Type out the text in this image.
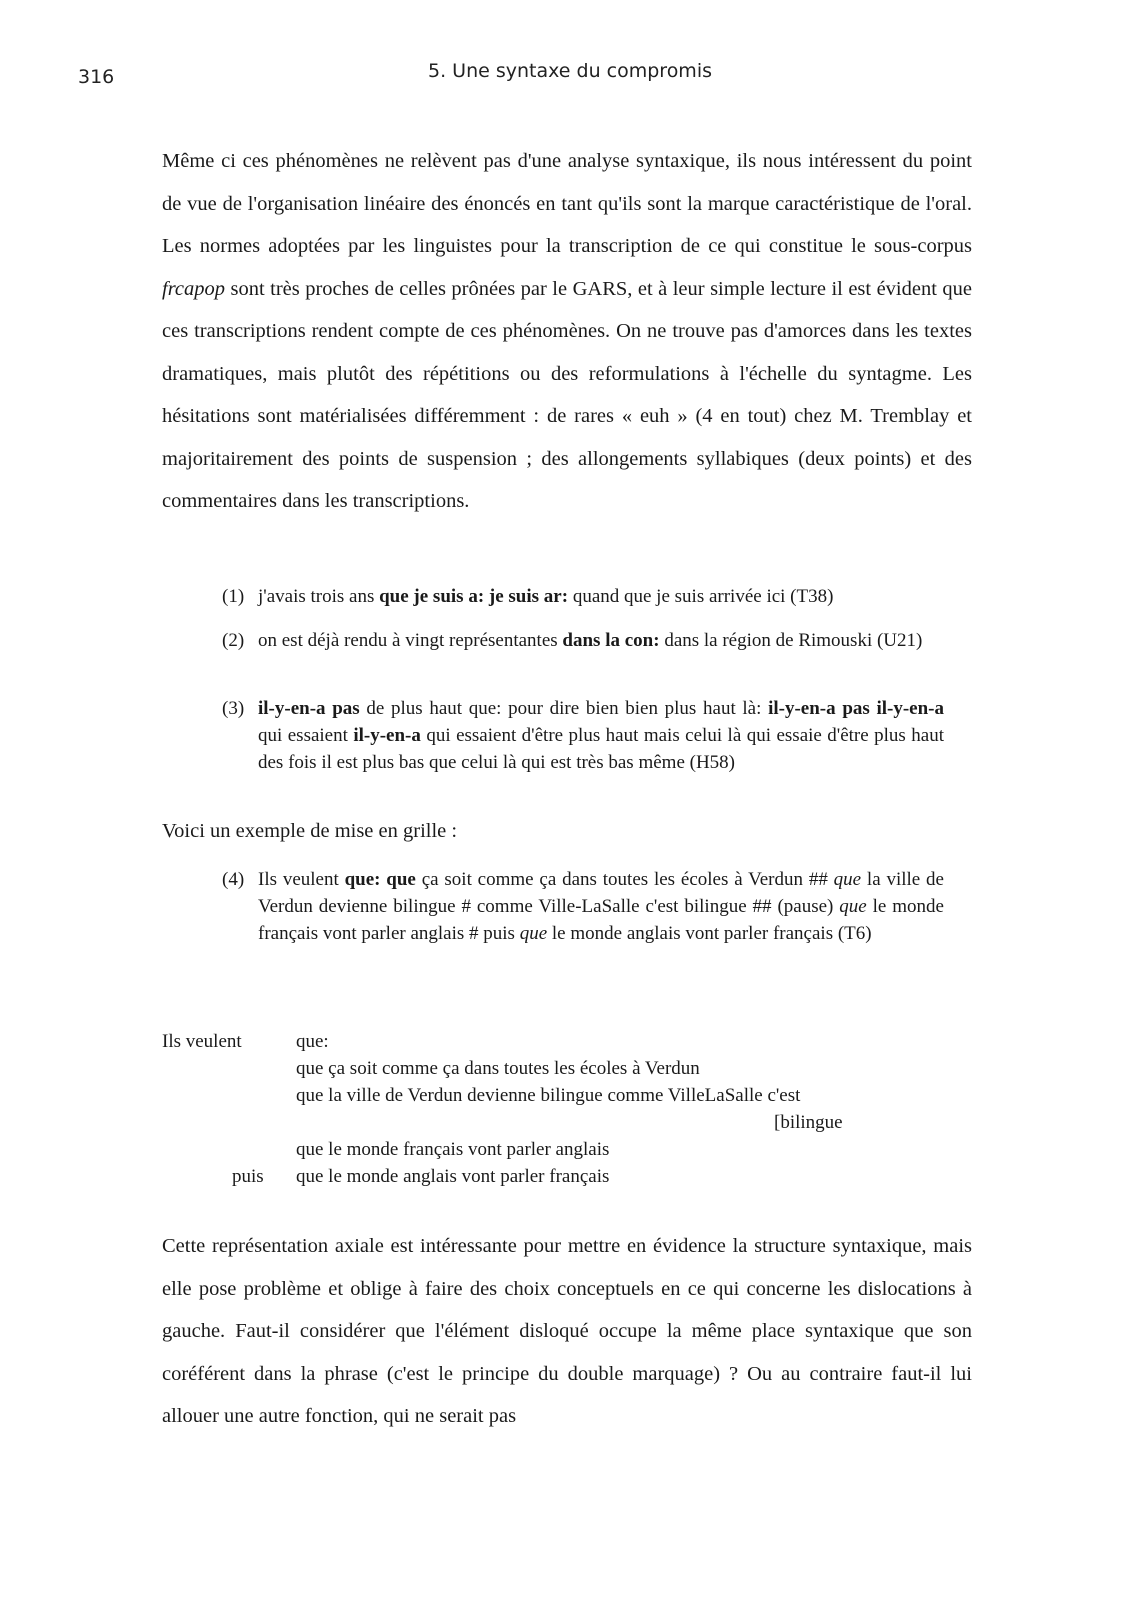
316	5. Une syntaxe du compromis

Même ci ces phénomènes ne relèvent pas d'une analyse syntaxique, ils nous intéressent du point de vue de l'organisation linéaire des énoncés en tant qu'ils sont la marque caractéristique de l'oral. Les normes adoptées par les linguistes pour la transcription de ce qui constitue le sous-corpus frcapop sont très proches de celles prônées par le GARS, et à leur simple lecture il est évident que ces transcriptions rendent compte de ces phénomènes. On ne trouve pas d'amorces dans les textes dramatiques, mais plutôt des répétitions ou des reformulations à l'échelle du syntagme. Les hésitations sont matérialisées différemment : de rares « euh » (4 en tout) chez M. Tremblay et majoritairement des points de suspension ; des allongements syllabiques (deux points) et des commentaires dans les transcriptions.

(1) j'avais trois ans que je suis a: je suis ar: quand que je suis arrivée ici (T38)
(2) on est déjà rendu à vingt représentantes dans la con: dans la région de Rimouski (U21)
(3) il-y-en-a pas de plus haut que: pour dire bien bien plus haut là: il-y-en-a pas il-y-en-a qui essaient il-y-en-a qui essaient d'être plus haut mais celui là qui essaie d'être plus haut des fois il est plus bas que celui là qui est très bas même (H58)
Voici un exemple de mise en grille :
(4) Ils veulent que: que ça soit comme ça dans toutes les écoles à Verdun ## que la ville de Verdun devienne bilingue # comme Ville-LaSalle c'est bilingue ## (pause) que le monde français vont parler anglais # puis que le monde anglais vont parler français (T6)
Ils veulent	que:
que ça soit comme ça dans toutes les écoles à Verdun
que la ville de Verdun devienne bilingue comme VilleLaSalle c'est
[bilingue
que le monde français vont parler anglais
puis que le monde anglais vont parler français

Cette représentation axiale est intéressante pour mettre en évidence la structure syntaxique, mais elle pose problème et oblige à faire des choix conceptuels en ce qui concerne les dislocations à gauche. Faut-il considérer que l'élément disloqué occupe la même place syntaxique que son coréférent dans la phrase (c'est le principe du double marquage) ? Ou au contraire faut-il lui allouer une autre fonction, qui ne serait pas
